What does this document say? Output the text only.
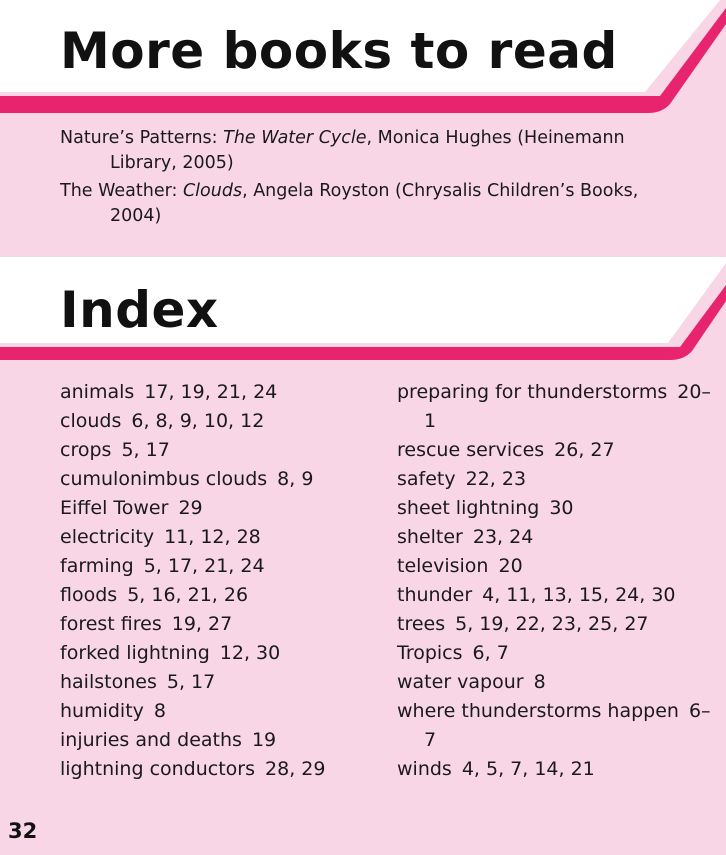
More books to read

Nature’s Patterns: The Water Cycle, Monica Hughes (Heinemann Library, 2005)

The Weather: Clouds, Angela Royston (Chrysalis Children’s Books, 2004)

Index

animals 17, 19, 21, 24

clouds 6, 8, 9, 10, 12

crops 5, 17

cumulonimbus clouds 8, 9

Eiffel Tower 29

electricity 11, 12, 28

farming 5, 17, 21, 24

floods 5, 16, 21, 26

forest fires 19, 27

forked lightning 12, 30

hailstones 5, 17

humidity 8

injuries and deaths 19

lightning conductors 28, 29

preparing for thunderstorms 20–1

rescue services 26, 27

safety 22, 23

sheet lightning 30

shelter 23, 24

television 20

thunder 4, 11, 13, 15, 24, 30

trees 5, 19, 22, 23, 25, 27

Tropics 6, 7

water vapour 8

where thunderstorms happen 6–7

winds 4, 5, 7, 14, 21

32
